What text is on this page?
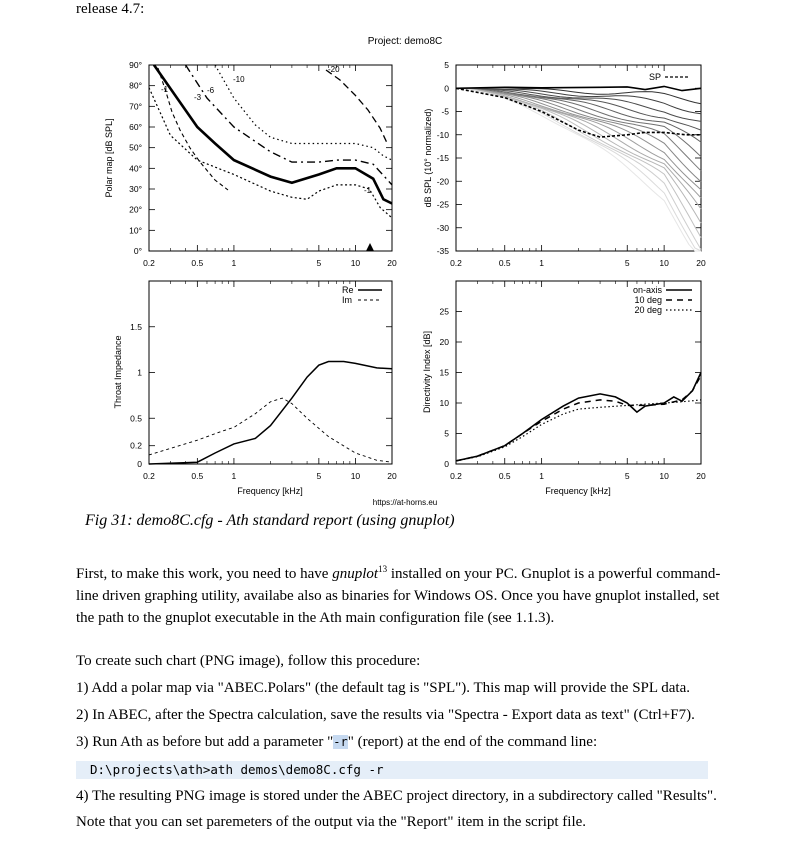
release 4.7:
Project: demo8C
Polar map [dB SPL]
0°
10°
20°
30°
40°
50°
60°
70°
80°
90°
0.2	0.5	1	5	10	20
-1
-3
-6
-10
-20
-1	dB SPL (10° normalized)
5
0
-5
-10
-15
-20
-25
-30
-35
0.2	0.5	1	5	10	20
SP
Throat Impedance
0
0.2
0.5
1
1.5
0.2	0.5	1	5	10	20
Re
Im
Frequency [kHz]
Directivity Index [dB]
0
5
10
15
20
25
0.2	0.5	1	5	10	20
on-axis
10 deg
20 deg
Frequency [kHz]
https://at-horns.eu
Fig 31: demo8C.cfg - Ath standard report (using gnuplot)
First, to make this work, you need to have gnuplot$^{13}$ installed on your PC. Gnuplot is a powerful command-line driven graphing utility, availabe also as binaries for Windows OS. Once you have gnuplot installed, set the path to the gnuplot executable in the Ath main configuration file (see 1.1.3).
To create such chart (PNG image), follow this procedure:
1) Add a polar map via "ABEC.Polars" (the default tag is "SPL"). This map will provide the SPL data.
2) In ABEC, after the Spectra calculation, save the results via "Spectra - Export data as text" (Ctrl+F7).
3) Run Ath as before but add a parameter "-r" (report) at the end of the command line:
D:\projects\ath>ath demos\demo8C.cfg -r
4) The resulting PNG image is stored under the ABEC project directory, in a subdirectory called "Results".
Note that you can set paremeters of the output via the "Report" item in the script file.
